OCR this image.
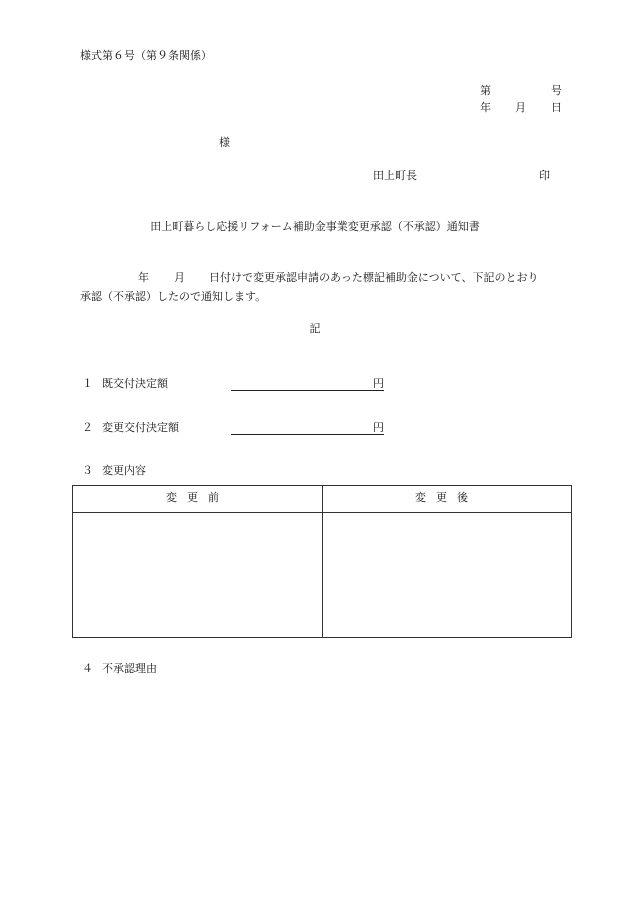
様式第６号（第９条関係）
第	号
年 月 日
様
田上町長	印
田上町暮らし応援リフォーム補助金事業変更承認（不承認）通知書
年 月 日付けで変更承認申請のあった標記補助金について、下記のとおり
承認（不承認）したので通知します。
記
１ 既交付決定額	円
２ 変更交付決定額	円
３ 変更内容
変更前	変更後
４ 不承認理由
